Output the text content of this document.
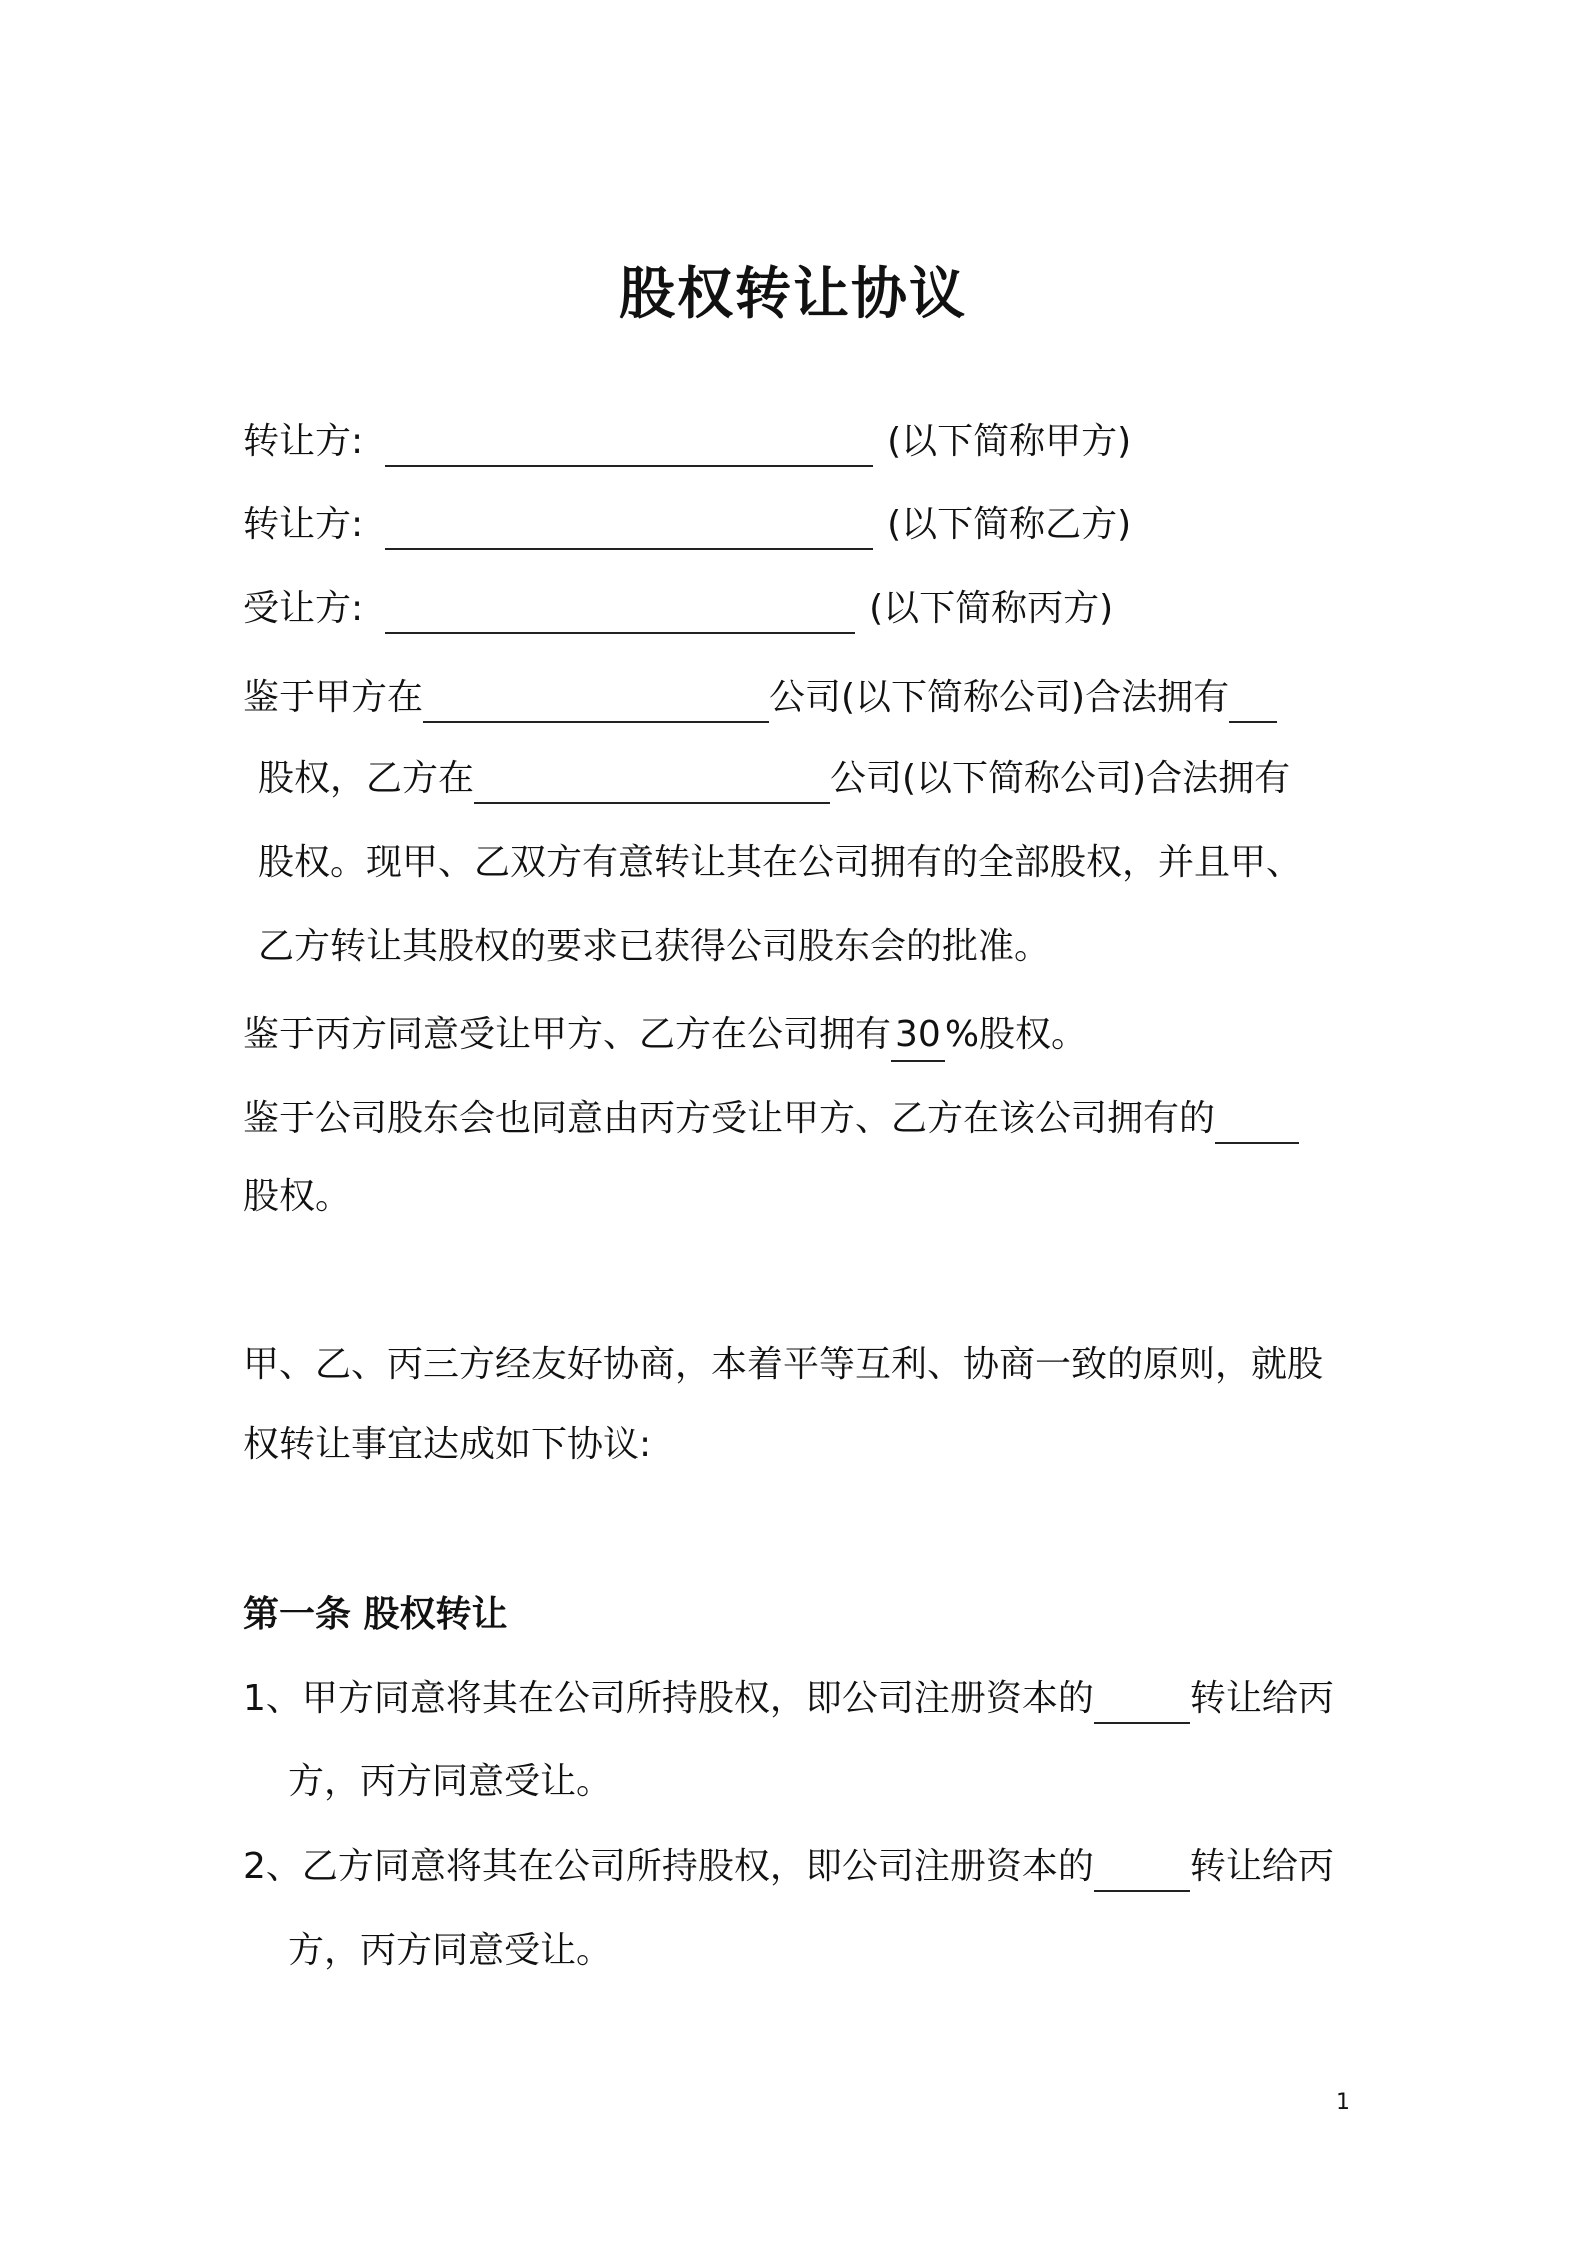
股权转让协议
转让方:	(以下简称甲方)
转让方:	(以下简称乙方)
受让方:	(以下简称丙方)
鉴于甲方在	公司(以下简称公司)合法拥有
股权，乙方在	公司(以下简称公司)合法拥有
股权。现甲、乙双方有意转让其在公司拥有的全部股权，并且甲、
乙方转让其股权的要求已获得公司股东会的批准。
鉴于丙方同意受让甲方、乙方在公司拥有 30 %股权。
鉴于公司股东会也同意由丙方受让甲方、乙方在该公司拥有的
股权。
甲、乙、丙三方经友好协商，本着平等互利、协商一致的原则，就股
权转让事宜达成如下协议:
第一条 股权转让
1、甲方同意将其在公司所持股权，即公司注册资本的	转让给丙
方，丙方同意受让。
2、乙方同意将其在公司所持股权，即公司注册资本的	转让给丙
方，丙方同意受让。
1
